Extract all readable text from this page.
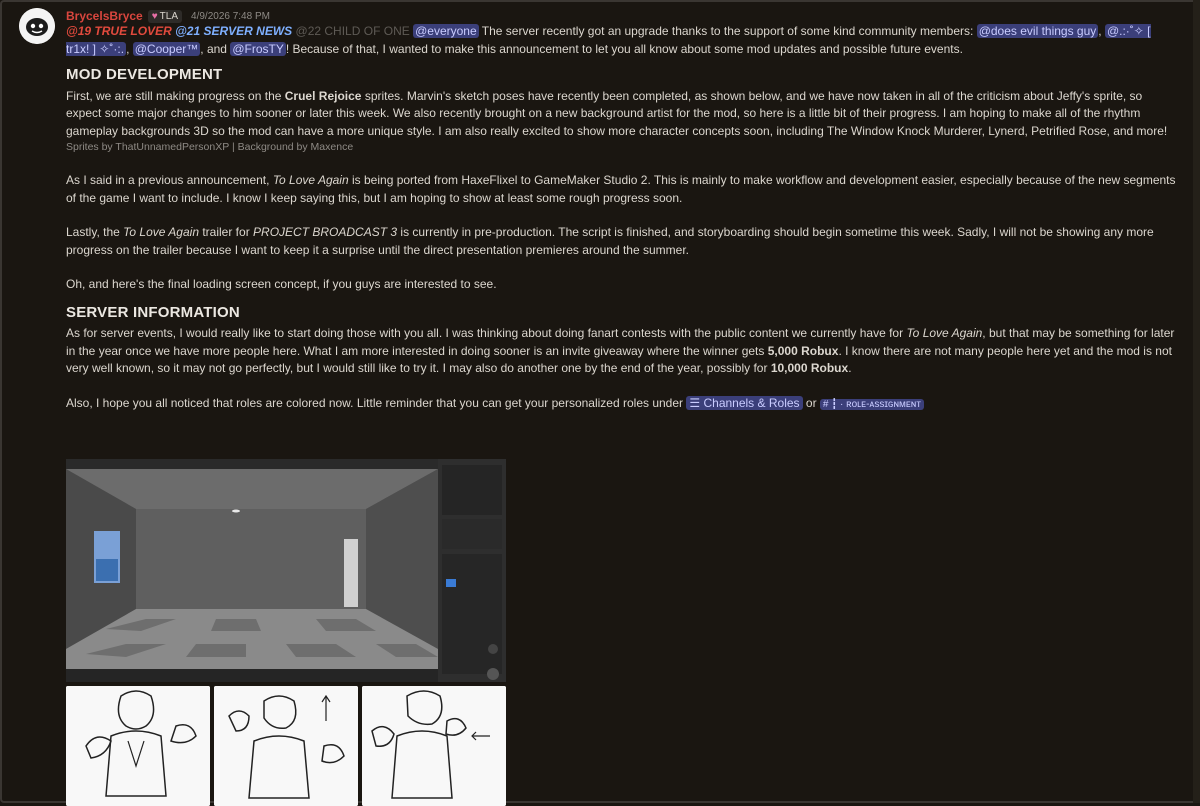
BrycelsBryce ♥ TLA 4/9/2026 7:48 PM

@19 TRUE LOVER @21 SERVER NEWS @22 CHILD OF ONE @everyone The server recently got an upgrade thanks to the support of some kind community members: @does evil things guy , @.:·˚✧ [ tr1x! ] ✧˚·:. , @Cooper™ , and @FrosTY ! Because of that, I wanted to make this announcement to let you all know about some mod updates and possible future events.

MOD DEVELOPMENT

First, we are still making progress on the Cruel Rejoice sprites. Marvin's sketch poses have recently been completed, as shown below, and we have now taken in all of the criticism about Jeffy's sprite, so expect some major changes to him sooner or later this week. We also recently brought on a new background artist for the mod, so here is a little bit of their progress. I am hoping to make all of the rhythm gameplay backgrounds 3D so the mod can have a more unique style. I am also really excited to show more character concepts soon, including The Window Knock Murderer, Lynerd, Petrified Rose, and more!

Sprites by ThatUnnamedPersonXP | Background by Maxence

As I said in a previous announcement, To Love Again is being ported from HaxeFlixel to GameMaker Studio 2. This is mainly to make workflow and development easier, especially because of the new segments of the game I want to include. I know I keep saying this, but I am hoping to show at least some rough progress soon.

Lastly, the To Love Again trailer for PROJECT BROADCAST 3 is currently in pre-production. The script is finished, and storyboarding should begin sometime this week. Sadly, I will not be showing any more progress on the trailer because I want to keep it a surprise until the direct presentation premieres around the summer.

Oh, and here's the final loading screen concept, if you guys are interested to see.

SERVER INFORMATION

As for server events, I would really like to start doing those with you all. I was thinking about doing fanart contests with the public content we currently have for To Love Again, but that may be something for later in the year once we have more people here. What I am more interested in doing sooner is an invite giveaway where the winner gets 5,000 Robux. I know there are not many people here yet and the mod is not very well known, so it may not go perfectly, but I would still like to try it. I may also do another one by the end of the year, possibly for 10,000 Robux.

Also, I hope you all noticed that roles are colored now. Little reminder that you can get your personalized roles under ☰ Channels & Roles or # ┇ · ʀᴏʟᴇ-ᴀssɪɢɴᴍᴇɴᴛ
